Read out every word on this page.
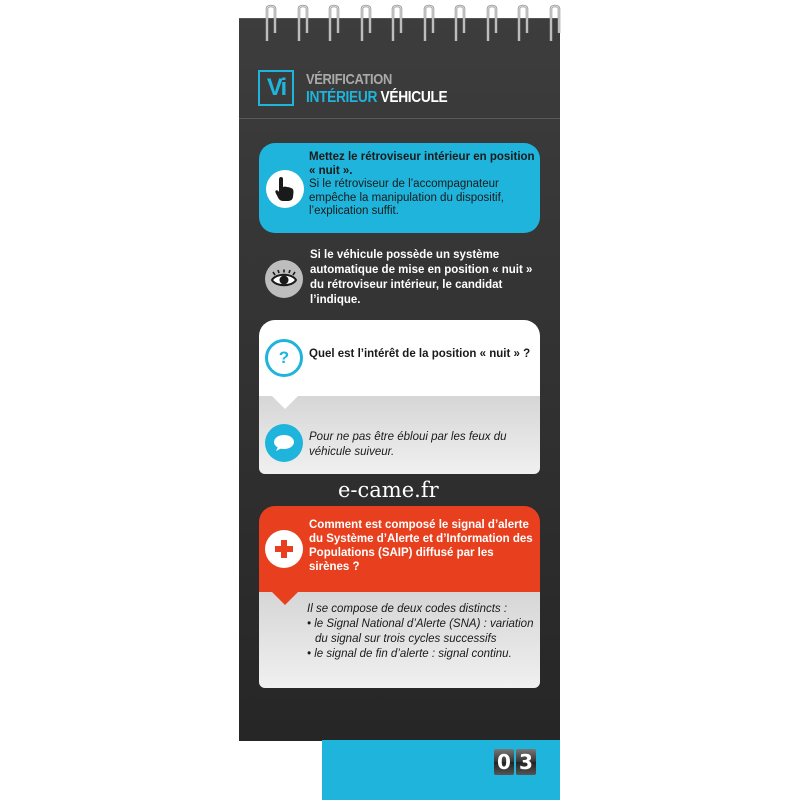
Vi	VÉRIFICATION
INTÉRIEUR VÉHICULE
Mettez le rétroviseur intérieur en position « nuit ».
Si le rétroviseur de l’accompagnateur empêche la manipulation du dispositif, l’explication suffit.
Si le véhicule possède un système automatique de mise en position « nuit » du rétroviseur intérieur, le candidat l’indique.
?	Quel est l’intérêt de la position « nuit » ?
Pour ne pas être ébloui par les feux du véhicule suiveur.
e-came.fr
Comment est composé le signal d’alerte du Système d’Alerte et d’Information des Populations (SAIP) diffusé par les sirènes ?
Il se compose de deux codes distincts :
• le Signal National d’Alerte (SNA) : variation du signal sur trois cycles successifs
• le signal de fin d’alerte : signal continu.
0 3
